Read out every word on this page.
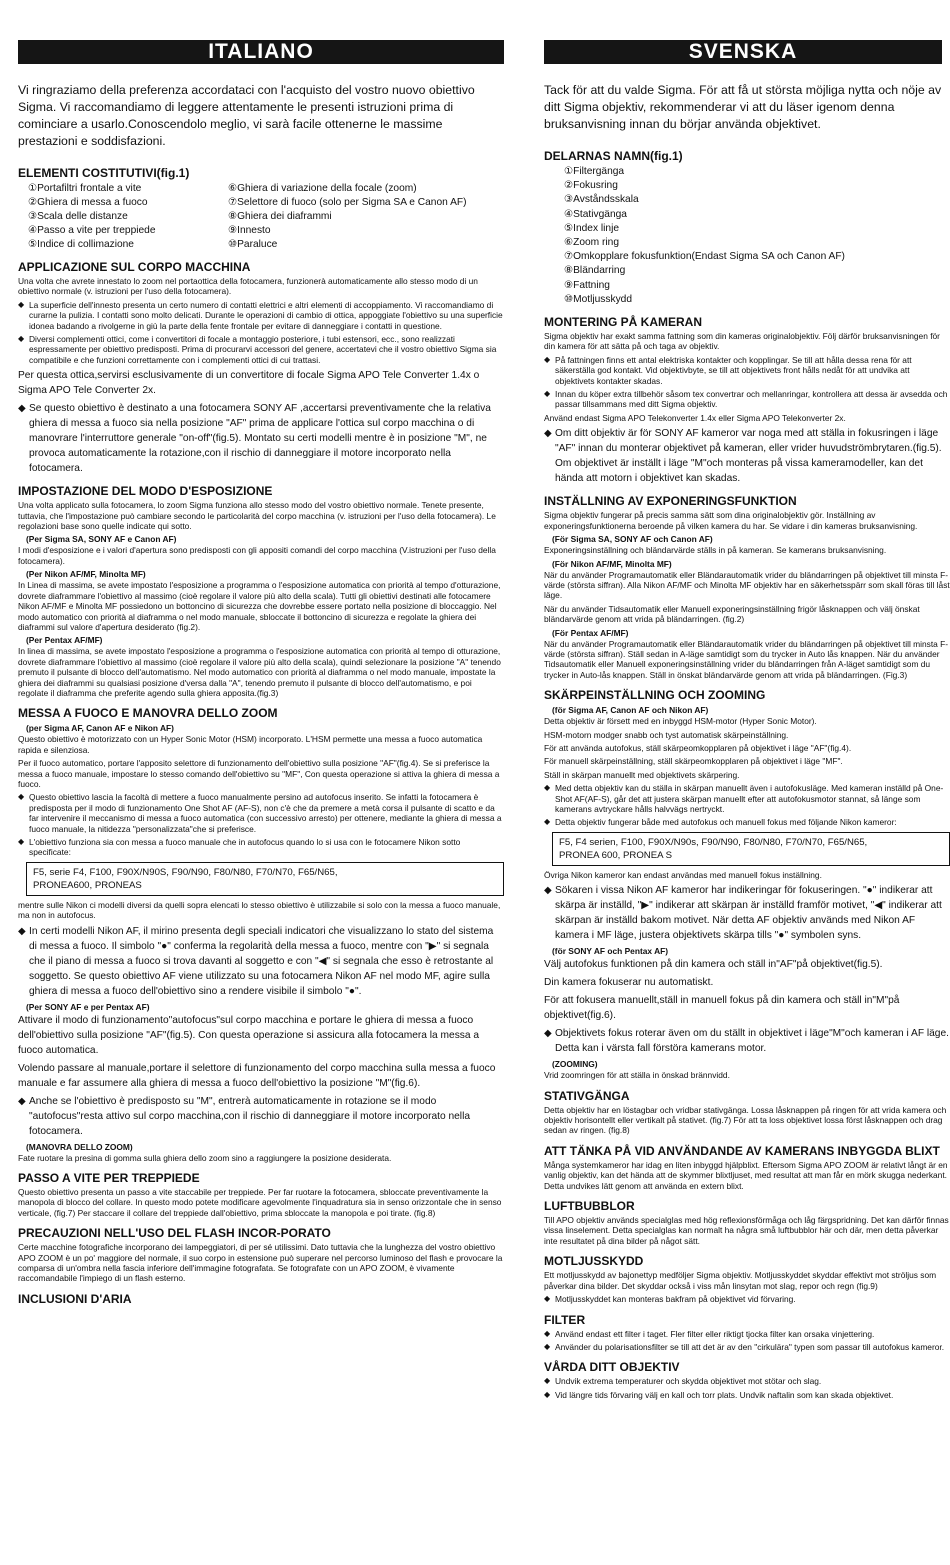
ITALIANO

Vi ringraziamo della preferenza accordataci con l'acquisto del vostro nuovo obiettivo Sigma. Vi raccomandiamo di leggere attentamente le presenti istruzioni prima di cominciare a usarlo.Conoscendolo meglio, vi sarà facile ottenerne le massime prestazioni e soddisfazioni.

ELEMENTI COSTITUTIVI(fig.1)
①Portafiltri frontale a vite
②Ghiera di messa a fuoco
③Scala delle distanze
④Passo a vite per treppiede
⑤Indice di collimazione
⑥Ghiera di variazione della focale (zoom)
⑦Selettore di fuoco (solo per Sigma SA e Canon AF)
⑧Ghiera dei diaframmi
⑨Innesto
⑩Paraluce
APPLICAZIONE SUL CORPO MACCHINA

Una volta che avrete innestato lo zoom nel portaottica della fotocamera, funzionerà automaticamente allo stesso modo di un obiettivo normale (v. istruzioni per l'uso della fotocamera).

◆ La superficie dell'innesto presenta un certo numero di contatti elettrici e altri elementi di accoppiamento. Vi raccomandiamo di curarne la pulizia. I contatti sono molto delicati. Durante le operazioni di cambio di ottica, appoggiate l'obiettivo su una superficie idonea badando a rivolgerne in giù la parte della fente frontale per evitare di danneggiare i contatti in questione.

◆ Diversi complementi ottici, come i convertitori di focale a montaggio posteriore, i tubi estensori, ecc., sono realizzati espressamente per obiettivo predisposti. Prima di procurarvi accessori del genere, accertatevi che il vostro obiettivo Sigma sia compatibile e che funzioni correttamente con i complementi ottici di cui trattasi.

Per questa ottica,servirsi esclusivamente di un convertitore di focale Sigma APO Tele Converter 1.4x o Sigma APO Tele Converter 2x.

◆ Se questo obiettivo è destinato a una fotocamera SONY AF ,accertarsi preventivamente che la relativa ghiera di messa a fuoco sia nella posizione "AF" prima de applicare l'ottica sul corpo macchina o di manovrare l'interruttore generale "on-off"(fig.5). Montato su certi modelli mentre è in posizione "M", ne provoca automaticamente la rotazione,con il rischio di danneggiare il motore incorporato nella fotocamera.

IMPOSTAZIONE DEL MODO D'ESPOSIZIONE

Una volta applicato sulla fotocamera, lo zoom Sigma funziona allo stesso modo del vostro obiettivo normale. Tenete presente, tuttavia, che l'impostazione può cambiare secondo le particolarità del corpo macchina (v. istruzioni per l'uso della fotocamera). Le regolazioni base sono quelle indicate qui sotto.

(Per Sigma SA, SONY AF e Canon AF)

I modi d'esposizione e i valori d'apertura sono predisposti con gli appositi comandi del corpo macchina (V.istruzioni per l'uso della fotocamera).

(Per Nikon AF/MF, Minolta MF)

In Linea di massima, se avete impostato l'esposizione a programma o l'esposizione automatica con priorità al tempo d'otturazione, dovrete diaframmare l'obiettivo al massimo (cioè regolare il valore più alto della scala). Tutti gli obiettivi destinati alle fotocamere Nikon AF/MF e Minolta MF possiedono un bottoncino di sicurezza che dovrebbe essere portato nella posizione di bloccaggio. Nel modo automatico con priorità al diaframma o nel modo manuale, sbloccate il bottoncino di sicurezza e regolate la ghiera dei diaframmi sul valore d'apertura desiderato (fig.2).

(Per Pentax AF/MF)

In linea di massima, se avete impostato l'esposizione a programma o l'esposizione automatica con priorità al tempo di otturazione, dovrete diaframmare l'obiettivo al massimo (cioè regolare il valore più alto della scala), quindi selezionare la posizione "A" tenendo premuto il pulsante di blocco dell'automatismo. Nel modo automatico con priorità al diaframma o nel modo manuale, impostate la ghiera dei diaframmi su qualsiasi posizione d'versa dalla "A", tenendo premuto il pulsante di blocco dell'automatismo, e poi regolate il diaframma che preferite agendo sulla ghiera apposita.(fig.3)

MESSA A FUOCO E MANOVRA DELLO ZOOM
(per Sigma AF, Canon AF e Nikon AF)

Questo obiettivo è motorizzato con un Hyper Sonic Motor (HSM) incorporato. L'HSM permette una messa a fuoco automatica rapida e silenziosa.

Per il fuoco automatico, portare l'apposito selettore di funzionamento dell'obiettivo sulla posizione "AF"(fig.4). Se si preferisce la messa a fuoco manuale, impostare lo stesso comando dell'obiettivo su "MF", Con questa operazione si attiva la ghiera di messa a fuoco.

◆ Questo obiettivo lascia la facoltà di mettere a fuoco manualmente persino ad autofocus inserito. Se infatti la fotocamera è predisposta per il modo di funzionamento One Shot AF (AF-S), non c'è che da premere a metà corsa il pulsante di scatto e da far intervenire il meccanismo di messa a fuoco automatica (con successivo arresto) per ottenere, mediante la ghiera di messa a fuoco manuale, la nitidezza "personalizzata"che si preferisce.

◆ L'obiettivo funziona sia con messa a fuoco manuale che in autofocus quando lo si usa con le fotocamere Nikon sotto specificate:

F5, serie F4, F100, F90X/N90S, F90/N90, F80/N80, F70/N70, F65/N65,
PRONEA600, PRONEAS

mentre sulle Nikon ci modelli diversi da quelli sopra elencati lo stesso obiettivo è utilizzabile si solo con la messa a fuoco manuale, ma non in autofocus.

◆ In certi modelli Nikon AF, il mirino presenta degli speciali indicatori che visualizzano lo stato del sistema di messa a fuoco. Il simbolo "●" conferma la regolarità della messa a fuoco, mentre con "▶" si segnala che il piano di messa a fuoco si trova davanti al soggetto e con "◀" si segnala che esso è retrostante al soggetto. Se questo obiettivo AF viene utilizzato su una fotocamera Nikon AF nel modo MF, agire sulla ghiera di messa a fuoco dell'obiettivo sino a rendere visibile il simbolo "●".

(Per SONY AF e per Pentax AF)

Attivare il modo di funzionamento"autofocus"sul corpo macchina e portare le ghiera di messa a fuoco dell'obiettivo sulla posizione "AF"(fig.5). Con questa operazione si assicura alla fotocamera la messa a fuoco automatica.

Volendo passare al manuale,portare il selettore di funzionamento del corpo macchina sulla messa a fuoco manuale e far assumere alla ghiera di messa a fuoco dell'obiettivo la posizione "M"(fig.6).

◆ Anche se l'obiettivo è predisposto su "M", entrerà automaticamente in rotazione se il modo "autofocus"resta attivo sul corpo macchina,con il rischio di danneggiare il motore incorporato nella fotocamera.

(MANOVRA DELLO ZOOM)

Fate ruotare la presina di gomma sulla ghiera dello zoom sino a raggiungere la posizione desiderata.

PASSO A VITE PER TREPPIEDE

Questo obiettivo presenta un passo a vite staccabile per treppiede. Per far ruotare la fotocamera, sbloccate preventivamente la manopola di blocco del collare. In questo modo potete modificare agevolmente l'inquadratura sia in senso orizzontale che in senso verticale, (fig.7) Per staccare il collare del treppiede dall'obiettivo, prima sbloccate la manopola e poi tirate. (fig.8)

PRECAUZIONI NELL'USO DEL FLASH INCOR-PORATO

Certe macchine fotografiche incorporano dei lampeggiatori, di per sé utilissimi. Dato tuttavia che la lunghezza del vostro obiettivo APO ZOOM è un po' maggiore del normale, il suo corpo in estensione può superare nel percorso luminoso del flash e provocare la comparsa di un'ombra nella fascia inferiore dell'immagine fotografata. Se fotografate con un APO ZOOM, è vivamente raccomandabile l'impiego di un flash esterno.

INCLUSIONI D'ARIA
SVENSKA

Tack för att du valde Sigma. För att få ut största möjliga nytta och nöje av ditt Sigma objektiv, rekommenderar vi att du läser igenom denna bruksanvisning innan du börjar använda objektivet.

DELARNAS NAMN(fig.1)
①Filtergänga
②Fokusring
③Avståndsskala
④Stativgänga
⑤Index linje
⑥Zoom ring
⑦Omkopplare fokusfunktion(Endast Sigma SA och Canon AF)
⑧Bländarring
⑨Fattning
⑩Motljusskydd
MONTERING PÅ KAMERAN

Sigma objektiv har exakt samma fattning som din kameras originalobjektiv. Följ därför bruksanvisningen för din kamera för att sätta på och taga av objektiv.

◆ På fattningen finns ett antal elektriska kontakter och kopplingar. Se till att hålla dessa rena för att säkerställa god kontakt. Vid objektivbyte, se till att objektivets front hålls nedåt för att undvika att objektivets kontakter skadas.

◆ Innan du köper extra tillbehör såsom tex convertrar och mellanringar, kontrollera att dessa är avsedda och passar tillsammans med ditt Sigma objektiv.

Använd endast Sigma APO Telekonverter 1.4x eller Sigma APO Telekonverter 2x.

◆ Om ditt objektiv är för SONY AF kameror var noga med att ställa in fokusringen i läge "AF" innan du monterar objektivet på kameran, eller vrider huvudströmbrytaren.(fig.5). Om objektivet är inställt i läge "M"och monteras på vissa kameramodeller, kan det hända att motorn i objektivet kan skadas.

INSTÄLLNING AV EXPONERINGSFUNKTION

Sigma objektiv fungerar på precis samma sätt som dina originalobjektiv gör. Inställning av exponeringsfunktionerna beroende på vilken kamera du har. Se vidare i din kameras bruksanvisning.

(För Sigma SA, SONY AF och Canon AF)

Exponeringsinställning och bländarvärde ställs in på kameran. Se kamerans bruksanvisning.

(För Nikon AF/MF, Minolta MF)

När du använder Programautomatik eller Bländarautomatik vrider du bländarringen på objektivet till minsta F-värde (största siffran). Alla Nikon AF/MF och Minolta MF objektiv har en säkerhetsspärr som skall föras till låst läge.

När du använder Tidsautomatik eller Manuell exponeringsinställning frigör låsknappen och välj önskat bländarvärde genom att vrida på bländarringen. (fig.2)

(För Pentax AF/MF)

När du använder Programautomatik eller Bländarautomatik vrider du bländarringen på objektivet till minsta F-värde (största siffran). Ställ sedan in A-läge samtidigt som du trycker in Auto lås knappen. När du använder Tidsautomatik eller Manuell exponeringsinställning vrider du bländarringen från A-läget samtidigt som du trycker in Auto-lås knappen. Ställ in önskat bländarvärde genom att vrida på bländarringen. (Fig.3)

SKÄRPEINSTÄLLNING OCH ZOOMING
(för Sigma AF, Canon AF och Nikon AF)

Detta objektiv är försett med en inbyggd HSM-motor (Hyper Sonic Motor).

HSM-motorn modger snabb och tyst automatisk skärpeinställning.

För att använda autofokus, ställ skärpeomkopplaren på objektivet i läge "AF"(fig.4).

För manuell skärpeinställning, ställ skärpeomkopplaren på objektivet i läge "MF".

Ställ in skärpan manuellt med objektivets skärpering.

◆ Med detta objektiv kan du ställa in skärpan manuellt även i autofokusläge. Med kameran inställd på One-Shot AF(AF-S), går det att justera skärpan manuellt efter att autofokusmotor stannat, så länge som kamerans avtryckare hålls halvvägs nertryckt.

◆ Detta objektiv fungerar både med autofokus och manuell fokus med följande Nikon kameror:

F5, F4 serien, F100, F90X/N90s, F90/N90, F80/N80, F70/N70, F65/N65,
PRONEA 600, PRONEA S

Övriga Nikon kameror kan endast användas med manuell fokus inställning.

◆ Sökaren i vissa Nikon AF kameror har indikeringar för fokuseringen. "●" indikerar att skärpa är inställd, "▶" indikerar att skärpan är inställd framför motivet, "◀" indikerar att skärpan är inställd bakom motivet. När detta AF objektiv används med Nikon AF kamera i MF läge, justera objektivets skärpa tills "●" symbolen syns.

(för SONY AF och Pentax AF)

Välj autofokus funktionen på din kamera och ställ in"AF"på objektivet(fig.5).

Din kamera fokuserar nu automatiskt.

För att fokusera manuellt,ställ in manuell fokus på din kamera och ställ in"M"på objektivet(fig.6).

◆ Objektivets fokus roterar även om du ställt in objektivet i läge"M"och kameran i AF läge. Detta kan i värsta fall förstöra kamerans motor.

(ZOOMING)

Vrid zoomringen för att ställa in önskad brännvidd.

STATIVGÄNGA

Detta objektiv har en löstagbar och vridbar stativgänga. Lossa låsknappen på ringen för att vrida kamera och objektiv horisontellt eller vertikalt på stativet. (fig.7) För att ta loss objektivet lossa först låsknappen och drag sedan av ringen. (fig.8)

ATT TÄNKA PÅ VID ANVÄNDANDE AV KAMERANS INBYGGDA BLIXT

Många systemkameror har idag en liten inbyggd hjälpblixt. Eftersom Sigma APO ZOOM är relativt långt är en vanlig objektiv, kan det hända att de skymmer blixtljuset, med resultat att man får en mörk skugga nederkant. Detta undvikes lätt genom att använda en extern blixt.

LUFTBUBBLOR

Till APO objektiv används specialglas med hög reflexionsförmåga och låg färgspridning. Det kan därför finnas vissa linselement. Detta specialglas kan normalt ha några små luftbubblor här och där, men detta påverkar inte resultatet på dina bilder på något sätt.

MOTLJUSSKYDD

Ett motljusskydd av bajonettyp medföljer Sigma objektiv. Motljusskyddet skyddar effektivt mot ströljus som påverkar dina bilder. Det skyddar också i viss mån linsytan mot slag, repor och regn (fig.9)

◆ Motljusskyddet kan monteras bakfram på objektivet vid förvaring.

FILTER

◆ Använd endast ett filter i taget. Fler filter eller riktigt tjocka filter kan orsaka vinjettering.

◆ Använder du polarisationsfilter se till att det är av den "cirkulära" typen som passar till autofokus kameror.

VÅRDA DITT OBJEKTIV

◆ Undvik extrema temperaturer och skydda objektivet mot stötar och slag.

◆ Vid längre tids förvaring välj en kall och torr plats. Undvik naftalin som kan skada objektivet.
